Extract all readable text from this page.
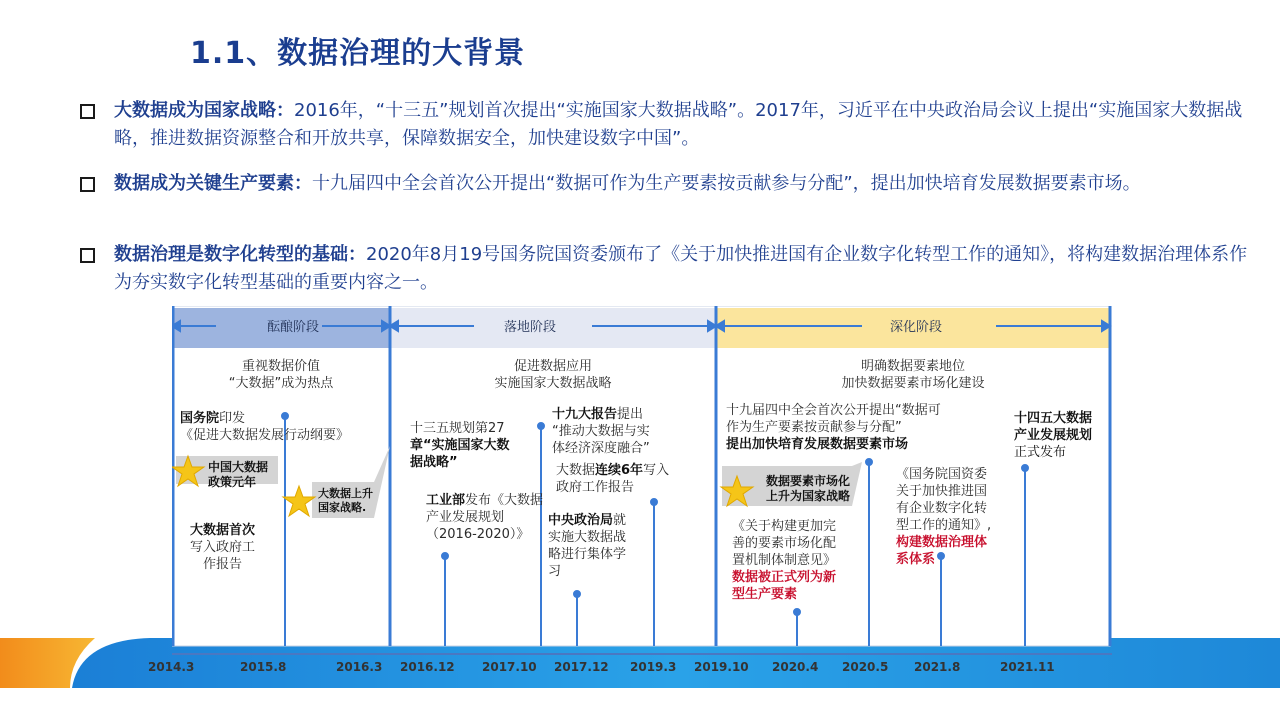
1.1、数据治理的大背景
大数据成为国家战略：2016年，“十三五”规划首次提出“实施国家大数据战略”。2017年，习近平在中央政治局会议上提出“实施国家大数据战略，推进数据资源整合和开放共享，保障数据安全，加快建设数字中国”。
数据成为关键生产要素：十九届四中全会首次公开提出“数据可作为生产要素按贡献参与分配”，提出加快培育发展数据要素市场。
数据治理是数字化转型的基础：2020年8月19号国务院国资委颁布了《关于加快推进国有企业数字化转型工作的通知》，将构建数据治理体系作为夯实数字化转型基础的重要内容之一。
酝酿阶段	落地阶段	深化阶段
重视数据价值
“大数据”成为热点
促进数据应用
实施国家大数据战略
明确数据要素地位
加快数据要素市场化建设
国务院印发
《促进大数据发展行动纲要》
中国大数据
政策元年
大数据上升
国家战略.
大数据首次
写入政府工
作报告
十三五规划第27
章“实施国家大数
据战略”
工业部发布《大数据
产业发展规划
（2016-2020）》
十九大报告提出
“推动大数据与实
体经济深度融合”
大数据连续6年写入
政府工作报告
中央政治局就
实施大数据战
略进行集体学
习
十九届四中全会首次公开提出“数据可
作为生产要素按贡献参与分配”
提出加快培育发展数据要素市场
数据要素市场化
上升为国家战略
《关于构建更加完
善的要素市场化配
置机制体制意见》
数据被正式列为新
型生产要素
《国务院国资委
关于加快推进国
有企业数字化转
型工作的通知》,
构建数据治理体
系体系
十四五大数据
产业发展规划
正式发布
2014.3	2015.8	2016.3 2016.12 2017.10 2017.12 2019.3 2019.10 2020.4 2020.5 2021.8	2021.11
